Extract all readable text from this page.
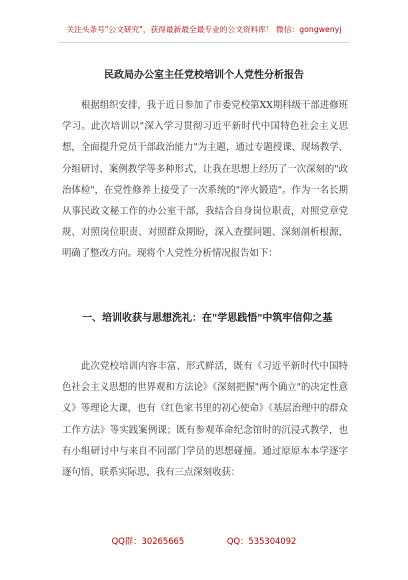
关注头条号"公文研究"，获得最新最全最专业的公文资料库！ 微信：gongwenyj
民政局办公室主任党校培训个人党性分析报告

根据组织安排，我于近日参加了市委党校第XX期科级干部进修班学习。此次培训以"深入学习贯彻习近平新时代中国特色社会主义思想，全面提升党员干部政治能力"为主题，通过专题授课、现场教学、分组研讨、案例教学等多种形式，让我在思想上经历了一次深刻的"政治体检"，在党性修养上接受了一次系统的"淬火锻造"。作为一名长期从事民政文秘工作的办公室干部，我结合自身岗位职责，对照党章党规、对照岗位职责、对照群众期盼，深入查摆问题、深刻剖析根源，明确了整改方向。现将个人党性分析情况报告如下：

一、培训收获与思想洗礼：在"学思践悟"中筑牢信仰之基

此次党校培训内容丰富、形式鲜活，既有《习近平新时代中国特色社会主义思想的世界观和方法论》《深刻把握"两个确立"的决定性意义》等理论大课，也有《红色家书里的初心使命》《基层治理中的群众工作方法》等实践案例课；既有参观革命纪念馆时的沉浸式教学，也有小组研讨中与来自不同部门学员的思想碰撞。通过原原本本学逐字逐句悟、联系实际思，我有三点深刻收获：

QQ群：30265665	QQ：535304092
